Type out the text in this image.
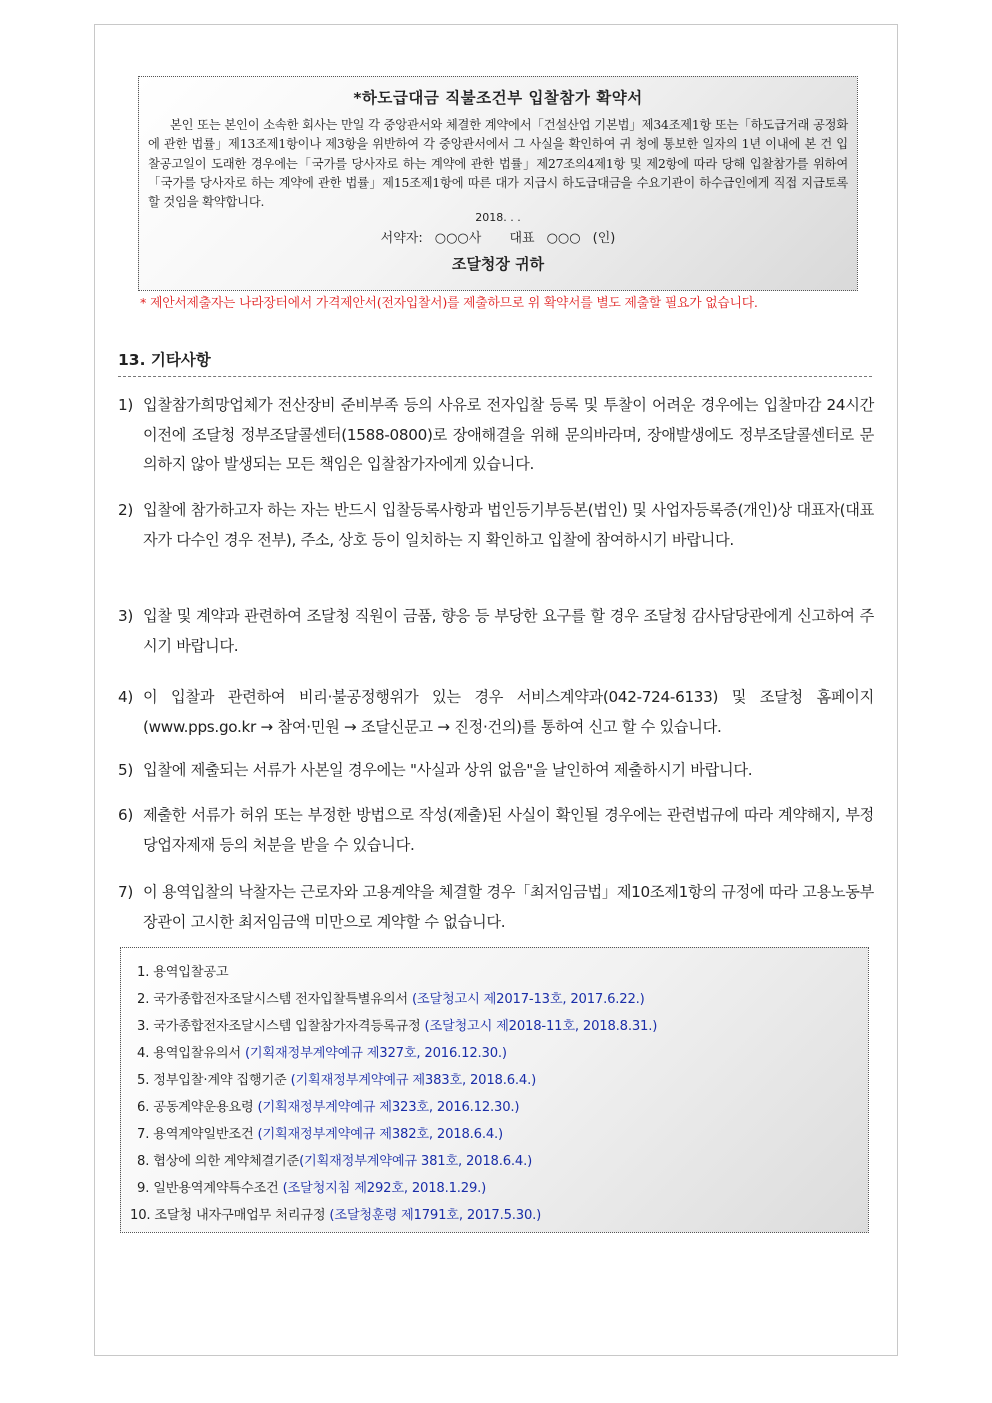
*하도급대금 직불조건부 입찰참가 확약서
본인 또는 본인이 소속한 회사는 만일 각 중앙관서와 체결한 계약에서「건설산업 기본법」제34조제1항 또는「하도급거래 공정화에 관한 법률」제13조제1항이나 제3항을 위반하여 각 중앙관서에서 그 사실을 확인하여 귀 청에 통보한 일자의 1년 이내에 본 건 입찰공고일이 도래한 경우에는「국가를 당사자로 하는 계약에 관한 법률」제27조의4제1항 및 제2항에 따라 당해 입찰참가를 위하여「국가를 당사자로 하는 계약에 관한 법률」제15조제1항에 따른 대가 지급시 하도급대금을 수요기관이 하수급인에게 직접 지급토록 할 것임을 확약합니다.
2018. . .
서약자: ○○○사 대표 ○○○ (인)
조달청장 귀하
* 제안서제출자는 나라장터에서 가격제안서(전자입찰서)를 제출하므로 위 확약서를 별도 제출할 필요가 없습니다.
13. 기타사항
1) 입찰참가희망업체가 전산장비 준비부족 등의 사유로 전자입찰 등록 및 투찰이 어려운 경우에는 입찰마감 24시간 이전에 조달청 정부조달콜센터(1588-0800)로 장애해결을 위해 문의바라며, 장애발생에도 정부조달콜센터로 문의하지 않아 발생되는 모든 책임은 입찰참가자에게 있습니다.
2) 입찰에 참가하고자 하는 자는 반드시 입찰등록사항과 법인등기부등본(법인) 및 사업자등록증(개인)상 대표자(대표자가 다수인 경우 전부), 주소, 상호 등이 일치하는 지 확인하고 입찰에 참여하시기 바랍니다.
3) 입찰 및 계약과 관련하여 조달청 직원이 금품, 향응 등 부당한 요구를 할 경우 조달청 감사담당관에게 신고하여 주시기 바랍니다.
4) 이 입찰과 관련하여 비리·불공정행위가 있는 경우 서비스계약과(042-724-6133) 및 조달청 홈페이지(www.pps.go.kr → 참여·민원 → 조달신문고 → 진정·건의)를 통하여 신고 할 수 있습니다.
5) 입찰에 제출되는 서류가 사본일 경우에는 "사실과 상위 없음"을 날인하여 제출하시기 바랍니다.
6) 제출한 서류가 허위 또는 부정한 방법으로 작성(제출)된 사실이 확인될 경우에는 관련법규에 따라 계약해지, 부정당업자제재 등의 처분을 받을 수 있습니다.
7) 이 용역입찰의 낙찰자는 근로자와 고용계약을 체결할 경우「최저임금법」제10조제1항의 규정에 따라 고용노동부 장관이 고시한 최저임금액 미만으로 계약할 수 없습니다.
1. 용역입찰공고
2. 국가종합전자조달시스템 전자입찰특별유의서 (조달청고시 제2017-13호, 2017.6.22.)
3. 국가종합전자조달시스템 입찰참가자격등록규정 (조달청고시 제2018-11호, 2018.8.31.)
4. 용역입찰유의서 (기획재정부계약예규 제327호, 2016.12.30.)
5. 정부입찰·계약 집행기준 (기획재정부계약예규 제383호, 2018.6.4.)
6. 공동계약운용요령 (기획재정부계약예규 제323호, 2016.12.30.)
7. 용역계약일반조건 (기획재정부계약예규 제382호, 2018.6.4.)
8. 협상에 의한 계약체결기준(기획재정부계약예규 381호, 2018.6.4.)
9. 일반용역계약특수조건 (조달청지침 제292호, 2018.1.29.)
10. 조달청 내자구매업무 처리규정 (조달청훈령 제1791호, 2017.5.30.)
